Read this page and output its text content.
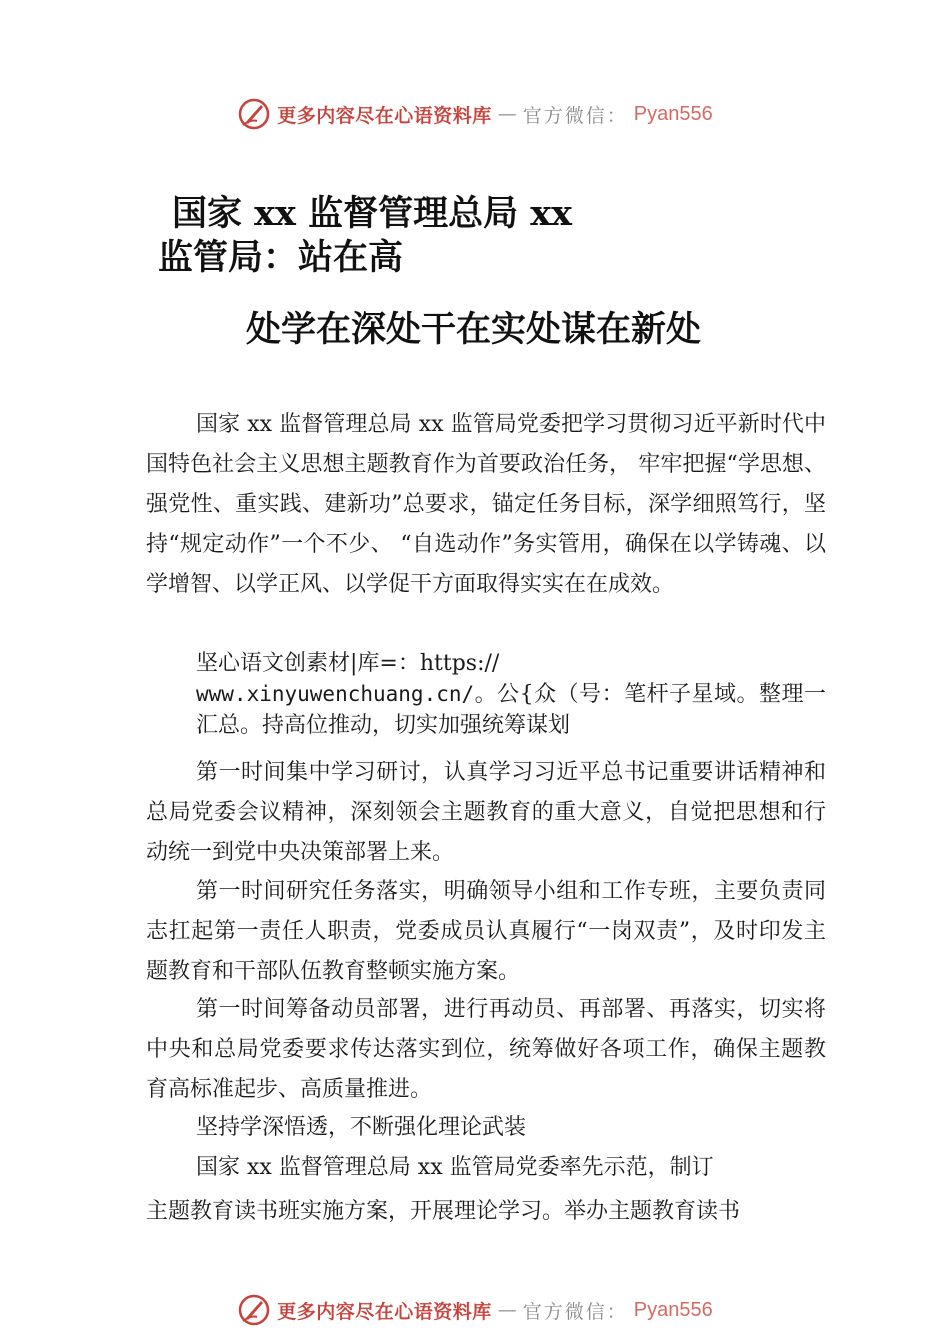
更多内容尽在心语资料库 — 官方微信： Pyan556
国家 xx 监督管理总局 xx
监管局：站在高
处学在深处干在实处谋在新处

国家 xx 监督管理总局 xx 监管局党委把学习贯彻习近平新时代中国特色社会主义思想主题教育作为首要政治任务， 牢牢把握“学思想、强党性、重实践、建新功”总要求，锚定任务目标，深学细照笃行，坚持“规定动作”一个不少、 “自选动作”务实管用，确保在以学铸魂、以学增智、以学正风、以学促干方面取得实实在在成效。

坚心语文创素材|库=：https://
www.xinyuwenchuang.cn/。公{众（号：笔杆子星域。整理一汇总。持高位推动，切实加强统筹谋划

第一时间集中学习研讨，认真学习习近平总书记重要讲话精神和总局党委会议精神，深刻领会主题教育的重大意义，自觉把思想和行动统一到党中央决策部署上来。

第一时间研究任务落实，明确领导小组和工作专班，主要负责同志扛起第一责任人职责，党委成员认真履行“一岗双责”，及时印发主题教育和干部队伍教育整顿实施方案。

第一时间筹备动员部署，进行再动员、再部署、再落实，切实将中央和总局党委要求传达落实到位，统筹做好各项工作，确保主题教育高标准起步、高质量推进。

坚持学深悟透，不断强化理论武装

国家 xx 监督管理总局 xx 监管局党委率先示范，制订

主题教育读书班实施方案，开展理论学习。举办主题教育读书

更多内容尽在心语资料库 — 官方微信： Pyan556
